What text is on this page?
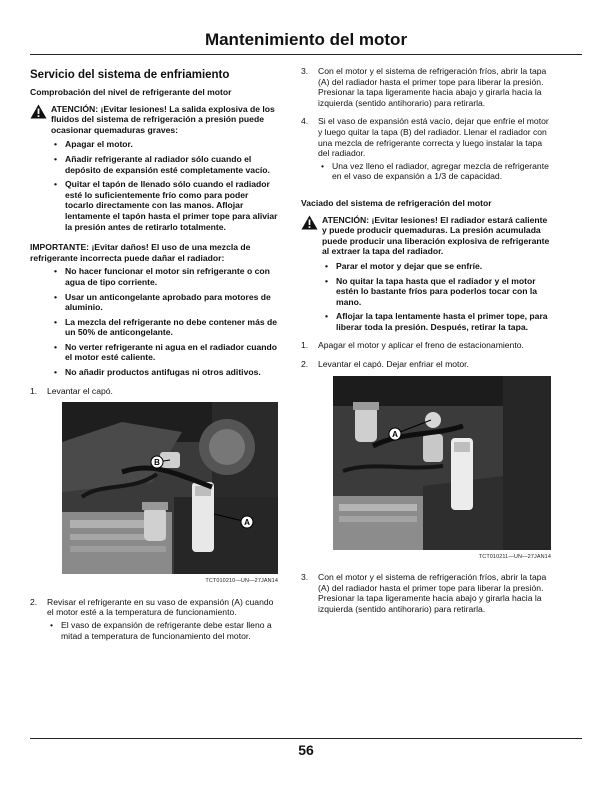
Mantenimiento del motor
Servicio del sistema de enfriamiento
Comprobación del nivel de refrigerante del motor
ATENCIÓN: ¡Evitar lesiones! La salida explosiva de los fluidos del sistema de refrigeración a presión puede ocasionar quemaduras graves:
• Apagar el motor.
• Añadir refrigerante al radiador sólo cuando el depósito de expansión esté completamente vacío.
• Quitar el tapón de llenado sólo cuando el radiador esté lo suficientemente frío como para poder tocarlo directamente con las manos. Aflojar lentamente el tapón hasta el primer tope para aliviar la presión antes de retirarlo totalmente.
IMPORTANTE: ¡Evitar daños! El uso de una mezcla de refrigerante incorrecta puede dañar el radiador:
• No hacer funcionar el motor sin refrigerante o con agua de tipo corriente.
• Usar un anticongelante aprobado para motores de aluminio.
• La mezcla del refrigerante no debe contener más de un 50% de anticongelante.
• No verter refrigerante ni agua en el radiador cuando el motor esté caliente.
• No añadir productos antifugas ni otros aditivos.
1.	Levantar el capó.
B
A
TCT010210—UN—27JAN14
2.	Revisar el refrigerante en su vaso de expansión (A) cuando el motor esté a la temperatura de funcionamiento.
• El vaso de expansión de refrigerante debe estar lleno a mitad a temperatura de funcionamiento del motor.
3.	Con el motor y el sistema de refrigeración fríos, abrir la tapa (A) del radiador hasta el primer tope para liberar la presión. Presionar la tapa ligeramente hacia abajo y girarla hacia la izquierda (sentido antihorario) para retirarla.
4.	Si el vaso de expansión está vacío, dejar que enfríe el motor y luego quitar la tapa (B) del radiador. Llenar el radiador con una mezcla de refrigerante correcta y luego instalar la tapa del radiador.
• Una vez lleno el radiador, agregar mezcla de refrigerante en el vaso de expansión a 1/3 de capacidad.
Vaciado del sistema de refrigeración del motor
ATENCIÓN: ¡Evitar lesiones! El radiador estará caliente y puede producir quemaduras. La presión acumulada puede producir una liberación explosiva de refrigerante al extraer la tapa del radiador.
• Parar el motor y dejar que se enfríe.
• No quitar la tapa hasta que el radiador y el motor estén lo bastante fríos para poderlos tocar con la mano.
• Aflojar la tapa lentamente hasta el primer tope, para liberar toda la presión. Después, retirar la tapa.
1.	Apagar el motor y aplicar el freno de estacionamiento.
2.	Levantar el capó. Dejar enfriar el motor.
A
TCT010211—UN—27JAN14
3.	Con el motor y el sistema de refrigeración fríos, abrir la tapa (A) del radiador hasta el primer tope para liberar la presión. Presionar la tapa ligeramente hacia abajo y girarla hacia la izquierda (sentido antihorario) para retirarla.
56
